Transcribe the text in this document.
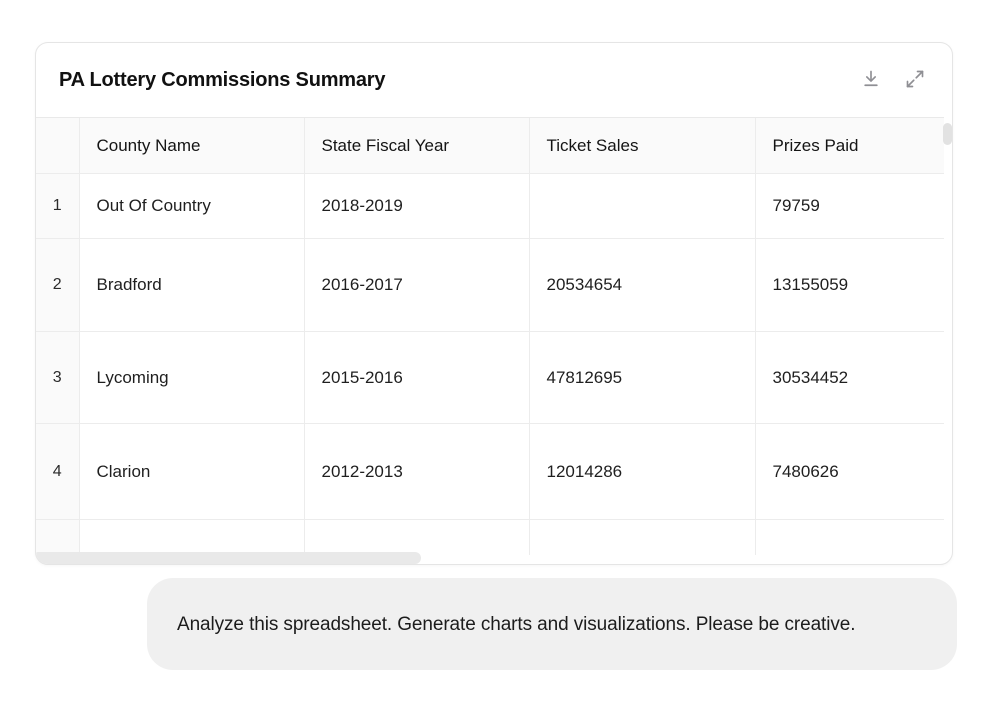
PA Lottery Commissions Summary
	County Name	State Fiscal Year	Ticket Sales	Prizes Paid
1	Out Of Country	2018-2019		79759
2	Bradford	2016-2017	20534654	13155059
3	Lycoming	2015-2016	47812695	30534452
4	Clarion	2012-2013	12014286	7480626

Analyze this spreadsheet. Generate charts and visualizations. Please be creative.
